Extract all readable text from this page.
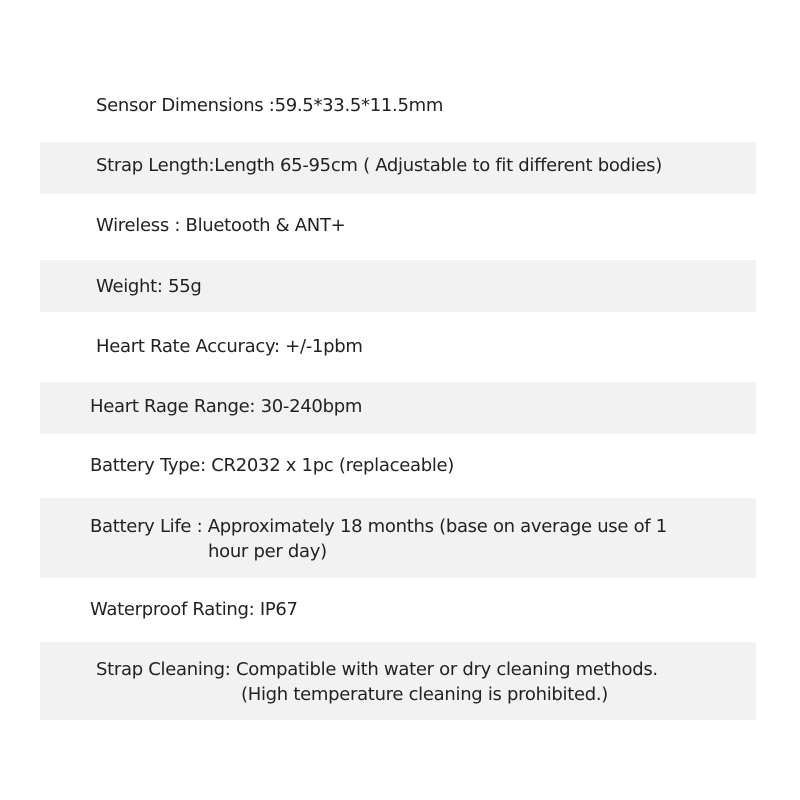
Sensor Dimensions :59.5*33.5*11.5mm
Strap Length:Length 65-95cm ( Adjustable to fit different bodies)
Wireless : Bluetooth & ANT+
Weight: 55g
Heart Rate Accuracy: +/-1pbm
Heart Rage Range: 30-240bpm
Battery Type: CR2032 x 1pc (replaceable)
Battery Life : Approximately 18 months (base on average use of 1
hour per day)
Waterproof Rating: IP67
Strap Cleaning: Compatible with water or dry cleaning methods.
(High temperature cleaning is prohibited.)
